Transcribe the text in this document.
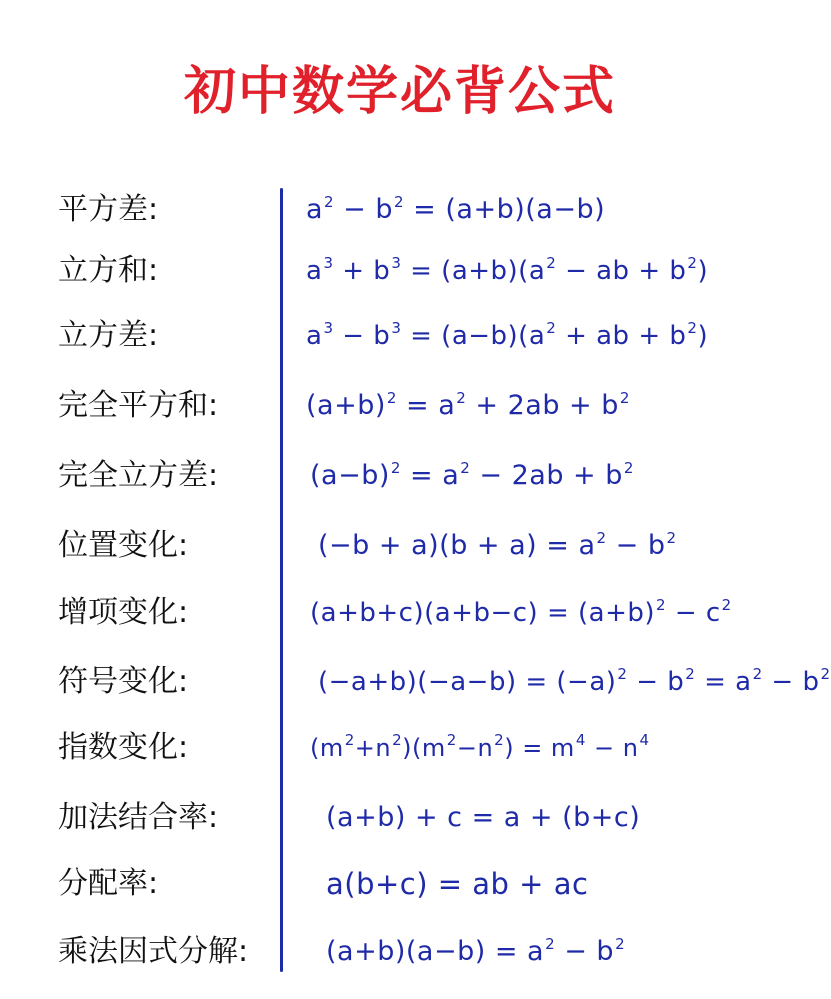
初中数学必背公式
平方差:	$a^2 - b^2 = (a+b)(a-b)$
立方和:	$a^3 + b^3 = (a+b)(a^2$ − ab + $b^2$)
立方差:	$a^3 - b^3 = (a-b)(a^2$ + ab + $b^2$)
完全平方和:	$(a+b)^2 = a^2 + 2ab + b^2$
完全立方差:	$(a-b)^2 = a^2 - 2ab + b^2$
位置变化:	$(-b + a)(b + a) = a^2 - b^2$
增项变化:	$(a+b+c)(a+b-c) = (a+b)^2 - c^2$
符号变化:	$(-a+b)(-a-b) = (-a)^2 - b^2 = a^2 - b^2$
指数变化:	$(m^2+n^2)(m^2-n^2) = m^4 - n^4$
加法结合率:	(a+b) + c = a + (b+c)
分配率:	a(b+c) = ab + ac
乘法因式分解:	$(a+b)(a-b) = a^2 - b^2$
